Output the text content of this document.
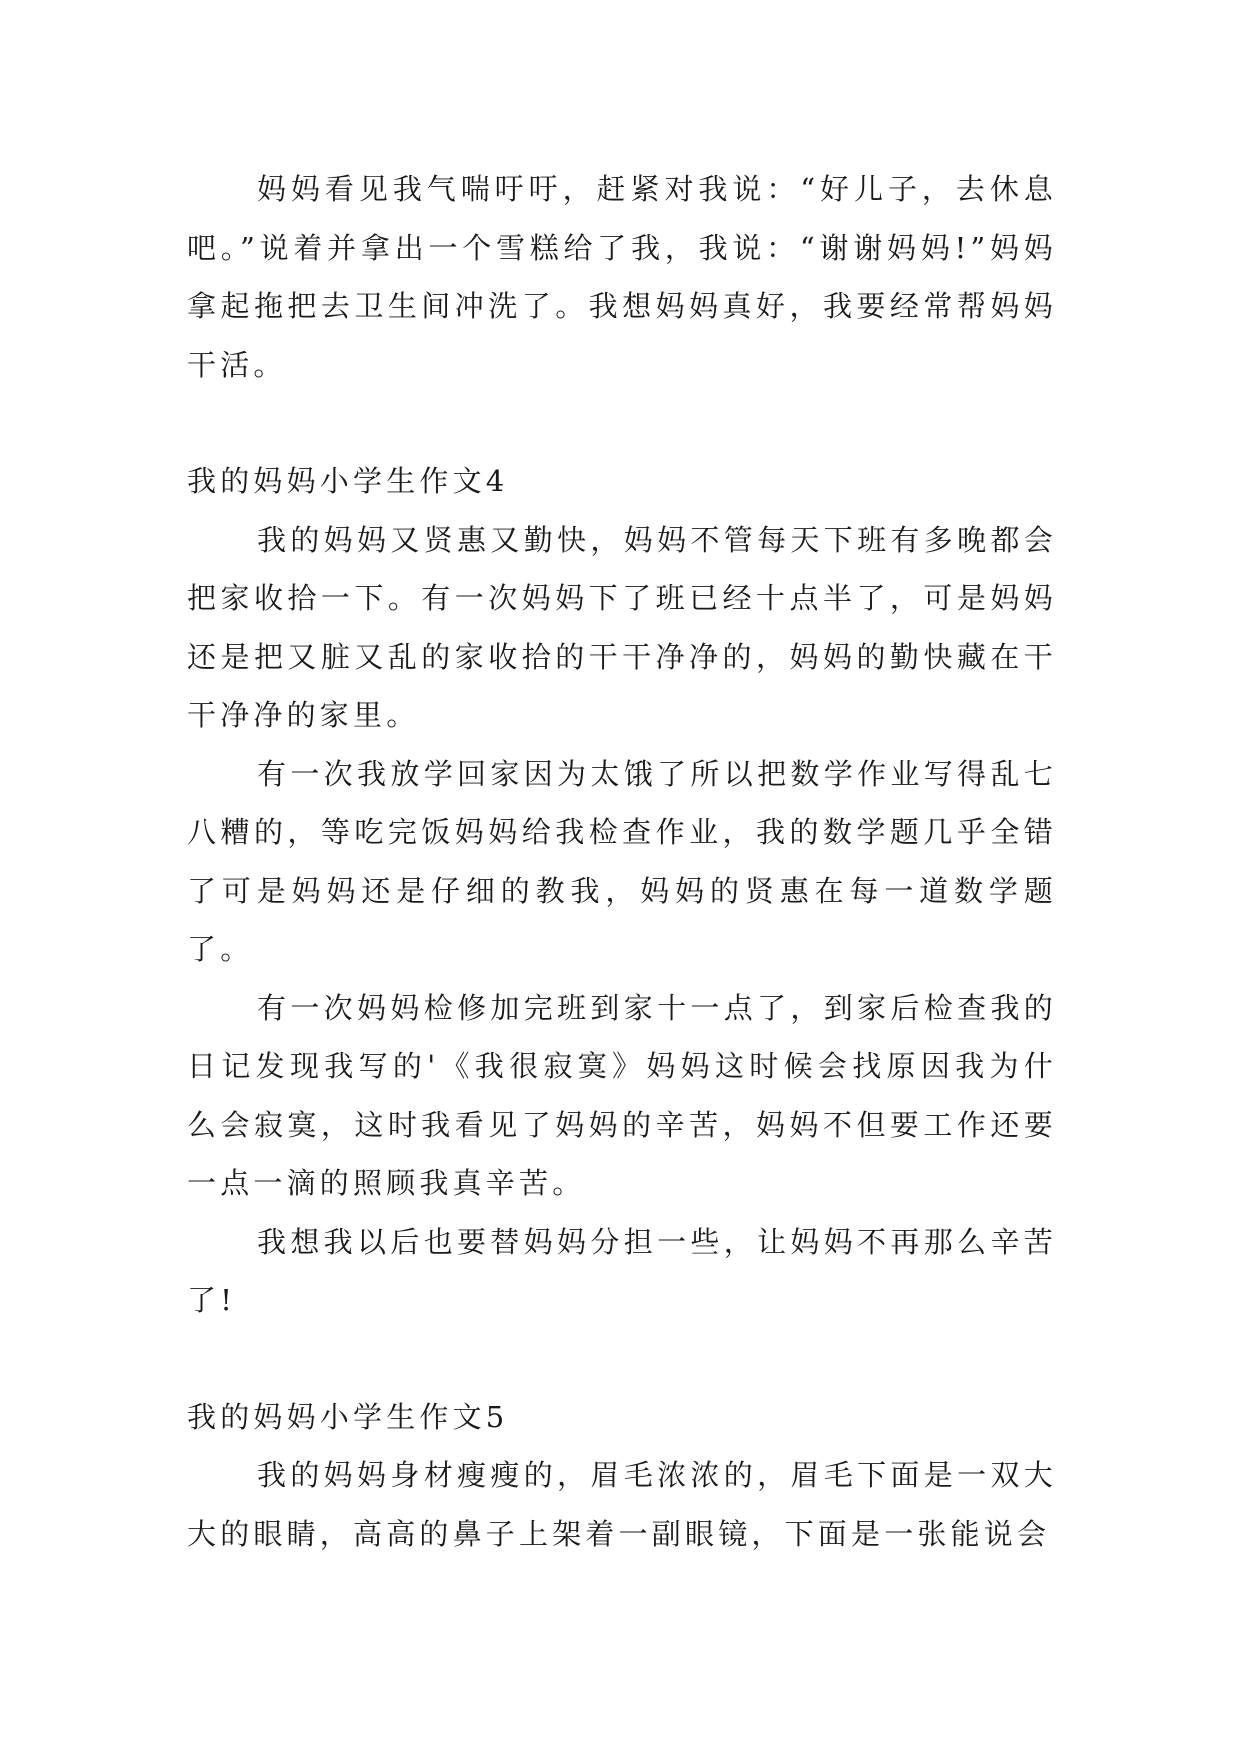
妈妈看见我气喘吁吁，赶紧对我说：“好儿子，去休息吧。”说着并拿出一个雪糕给了我，我说：“谢谢妈妈!”妈妈拿起拖把去卫生间冲洗了。我想妈妈真好，我要经常帮妈妈干活。

我的妈妈小学生作文4

我的妈妈又贤惠又勤快，妈妈不管每天下班有多晚都会把家收拾一下。有一次妈妈下了班已经十点半了，可是妈妈还是把又脏又乱的家收拾的干干净净的，妈妈的勤快藏在干干净净的家里。

有一次我放学回家因为太饿了所以把数学作业写得乱七八糟的，等吃完饭妈妈给我检查作业，我的数学题几乎全错了可是妈妈还是仔细的教我，妈妈的贤惠在每一道数学题了。

有一次妈妈检修加完班到家十一点了，到家后检查我的日记发现我写的'《我很寂寞》妈妈这时候会找原因我为什么会寂寞，这时我看见了妈妈的辛苦，妈妈不但要工作还要一点一滴的照顾我真辛苦。

我想我以后也要替妈妈分担一些，让妈妈不再那么辛苦了!

我的妈妈小学生作文5

我的妈妈身材瘦瘦的，眉毛浓浓的，眉毛下面是一双大大的眼睛，高高的鼻子上架着一副眼镜，下面是一张能说会
